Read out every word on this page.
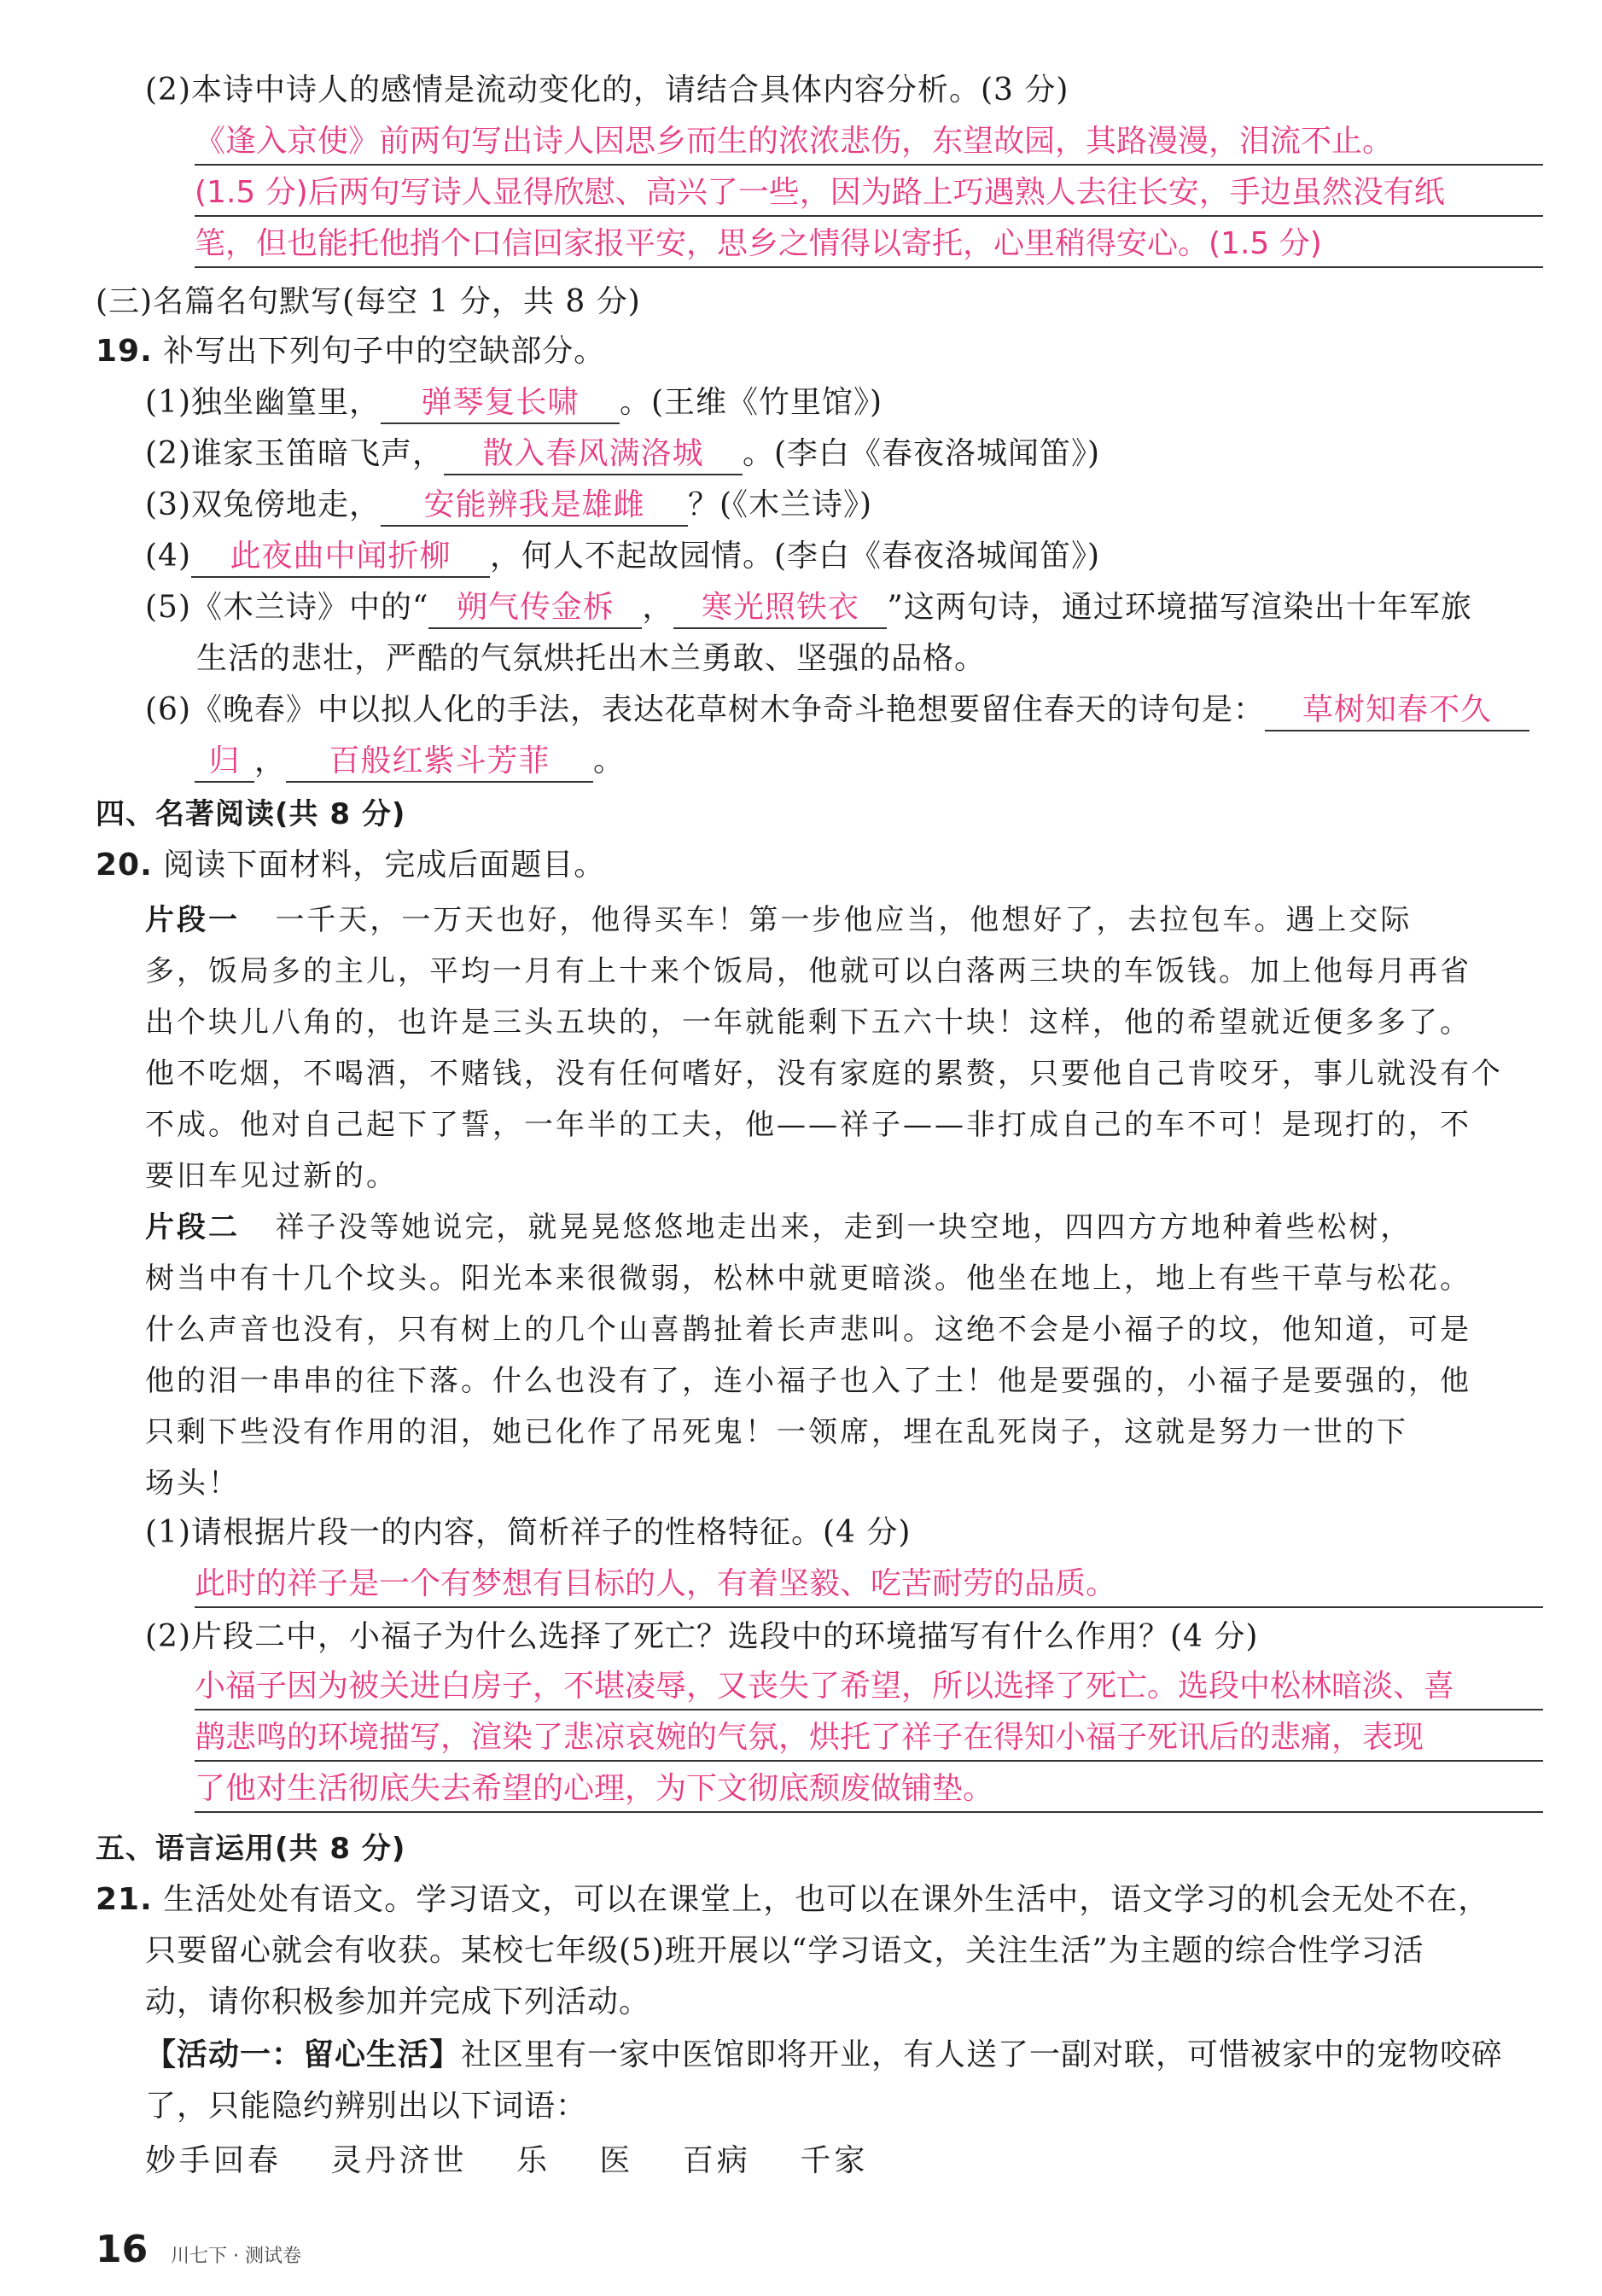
(2)本诗中诗人的感情是流动变化的，请结合具体内容分析。(3 分)
《逢入京使》前两句写出诗人因思乡而生的浓浓悲伤，东望故园，其路漫漫，泪流不止。
(1.5 分)后两句写诗人显得欣慰、高兴了一些，因为路上巧遇熟人去往长安，手边虽然没有纸
笔，但也能托他捎个口信回家报平安，思乡之情得以寄托，心里稍得安心。(1.5 分)
(三)名篇名句默写(每空 1 分，共 8 分)
19. 补写出下列句子中的空缺部分。
(1)独坐幽篁里， 弹琴复长啸 。(王维《竹里馆》)
(2)谁家玉笛暗飞声， 散入春风满洛城 。(李白《春夜洛城闻笛》)
(3)双兔傍地走， 安能辨我是雄雌 ？(《木兰诗》)
(4) 此夜曲中闻折柳 ，何人不起故园情。(李白《春夜洛城闻笛》)
(5)《木兰诗》中的“ 朔气传金柝 ， 寒光照铁衣 ”这两句诗，通过环境描写渲染出十年军旅
生活的悲壮，严酷的气氛烘托出木兰勇敢、坚强的品格。
(6)《晚春》中以拟人化的手法，表达花草树木争奇斗艳想要留住春天的诗句是： 草树知春不久
归 ， 百般红紫斗芳菲 。
四、名著阅读(共 8 分)
20. 阅读下面材料，完成后面题目。
片段一 一千天，一万天也好，他得买车！第一步他应当，他想好了，去拉包车。遇上交际
多，饭局多的主儿，平均一月有上十来个饭局，他就可以白落两三块的车饭钱。加上他每月再省
出个块儿八角的，也许是三头五块的，一年就能剩下五六十块！这样，他的希望就近便多多了。
他不吃烟，不喝酒，不赌钱，没有任何嗜好，没有家庭的累赘，只要他自己肯咬牙，事儿就没有个
不成。他对自己起下了誓，一年半的工夫，他——祥子——非打成自己的车不可！是现打的，不
要旧车见过新的。
片段二 祥子没等她说完，就晃晃悠悠地走出来，走到一块空地，四四方方地种着些松树，
树当中有十几个坟头。阳光本来很微弱，松林中就更暗淡。他坐在地上，地上有些干草与松花。
什么声音也没有，只有树上的几个山喜鹊扯着长声悲叫。这绝不会是小福子的坟，他知道，可是
他的泪一串串的往下落。什么也没有了，连小福子也入了土！他是要强的，小福子是要强的，他
只剩下些没有作用的泪，她已化作了吊死鬼！一领席，埋在乱死岗子，这就是努力一世的下
场头！
(1)请根据片段一的内容，简析祥子的性格特征。(4 分)
此时的祥子是一个有梦想有目标的人，有着坚毅、吃苦耐劳的品质。
(2)片段二中，小福子为什么选择了死亡？选段中的环境描写有什么作用？(4 分)
小福子因为被关进白房子，不堪凌辱，又丧失了希望，所以选择了死亡。选段中松林暗淡、喜
鹊悲鸣的环境描写，渲染了悲凉哀婉的气氛，烘托了祥子在得知小福子死讯后的悲痛，表现
了他对生活彻底失去希望的心理，为下文彻底颓废做铺垫。
五、语言运用(共 8 分)
21. 生活处处有语文。学习语文，可以在课堂上，也可以在课外生活中，语文学习的机会无处不在，
只要留心就会有收获。某校七年级(5)班开展以“学习语文，关注生活”为主题的综合性学习活
动，请你积极参加并完成下列活动。
【活动一：留心生活】社区里有一家中医馆即将开业，有人送了一副对联，可惜被家中的宠物咬碎
了，只能隐约辨别出以下词语：
妙手回春 灵丹济世 乐 医 百病 千家
16 川七下 · 测试卷
